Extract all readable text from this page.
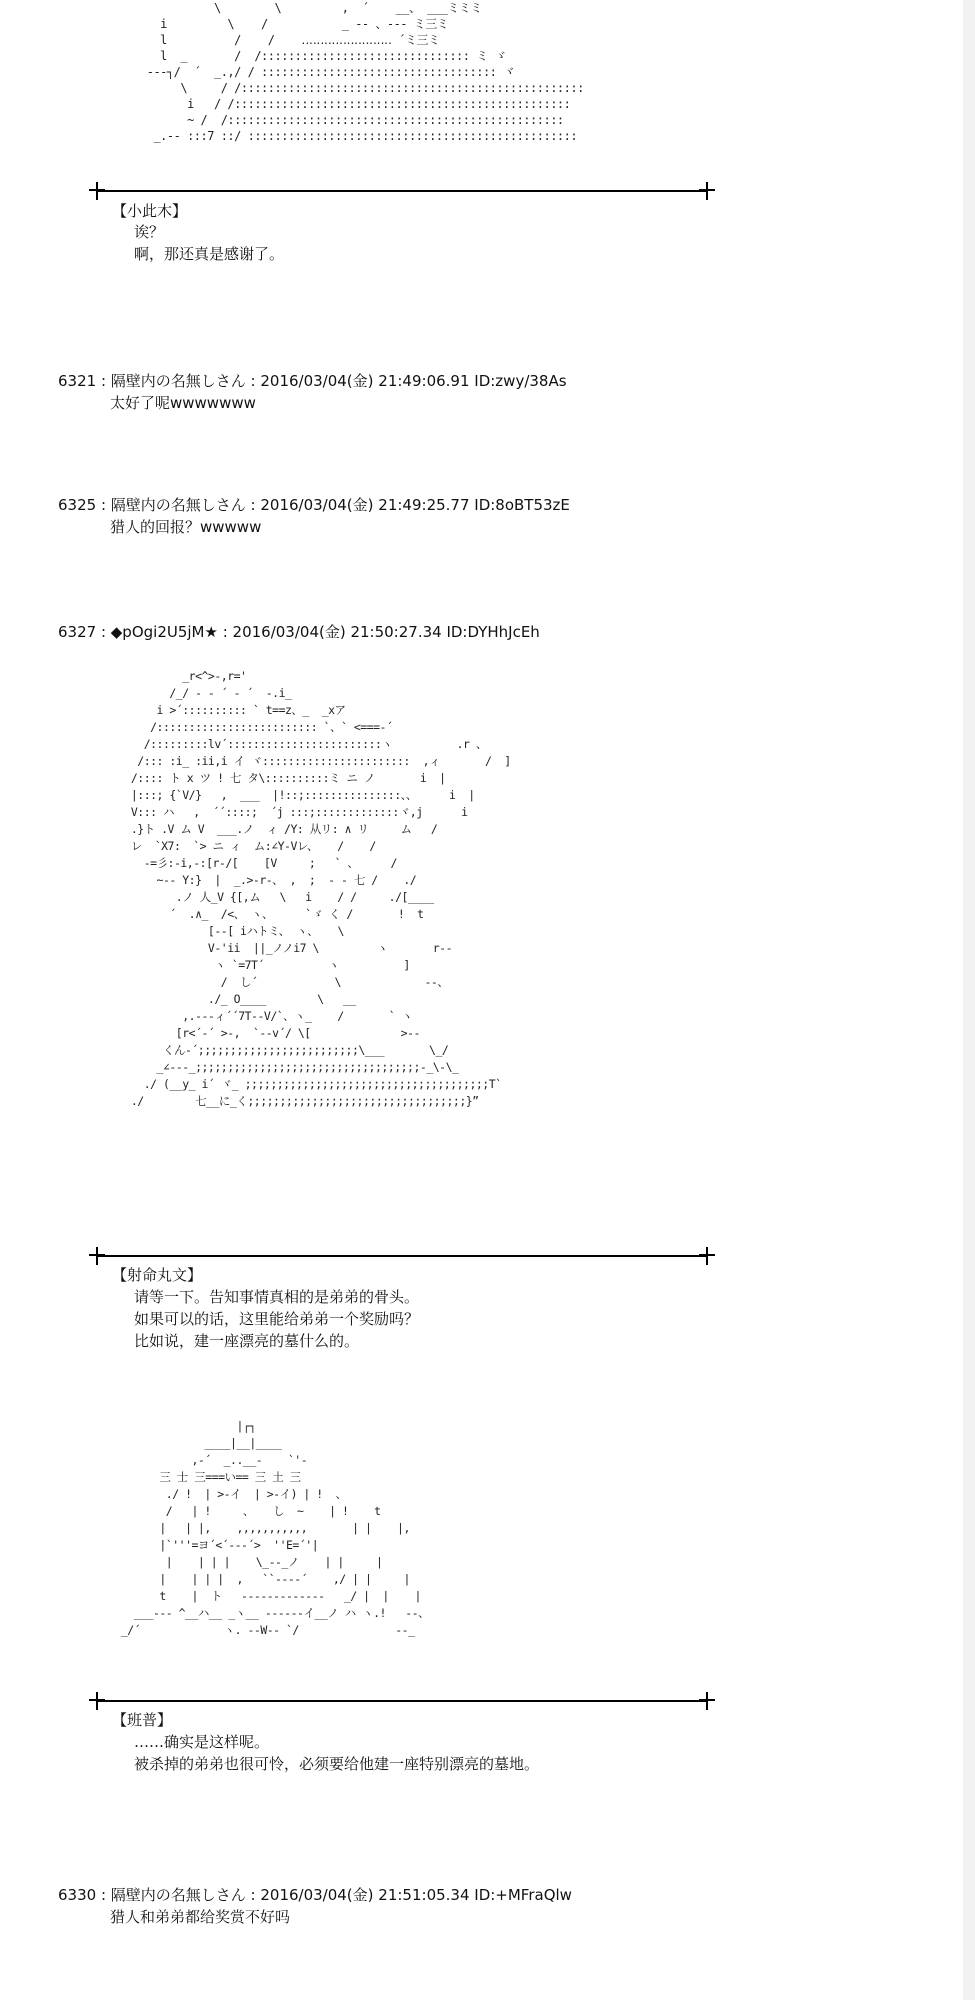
\        \         ,  ´    __、 ___ミミミ
i         \    /           _ -‐ 、‐‐‐ ミ三ミ
l          /    /    ‥‥‥‥‥‥‥‥‥‥‥‥ ´ミ三ミ
l  _       /  /::::::::::::::::::::::::::::::: ミ ゞ
‐‐‐┐/  ´  _.,/ / ::::::::::::::::::::::::::::::::::: ヾ
\     / /:::::::::::::::::::::::::::::::::::::::::::::::::::
i   / /::::::::::::::::::::::::::::::::::::::::::::::::::
~ /  /::::::::::::::::::::::::::::::::::::::::::::::::::
_.-‐ :::7 ::/ :::::::::::::::::::::::::::::::::::::::::::::::::
【小此木】
诶？
啊，那还真是感谢了。
6321 : 隔壁内の名無しさん : 2016/03/04(金) 21:49:06.91 ID:zwy/38As
太好了呢wwwwwww
6325 : 隔壁内の名無しさん : 2016/03/04(金) 21:49:25.77 ID:8oBT53zE
猎人的回报？wwwww
6327 : ◆pOgi2U5jM★ : 2016/03/04(金) 21:50:27.34 ID:DYHhJcEh
_r<^>-,r='
/_/ - - ´ ‐ ´  ‐.i_
i >´:::::::::: ` t==z、_  _xア
/::::::::::::::::::::::::: `、` <===‐´
/:::::::::lv´::::::::::::::::::::::::ヽ          .r 、
/::: :i_ :ii,i イ ヾ:::::::::::::::::::::::  ,ィ       /  ]
/:::: ト x ツ ! 七 タ\::::::::::ミ ニ ノ       i  |
|:::; {`V/}   ,  ___  |!::;:::::::::::::::、、     i  |
V::: ハ   ,  ´´::::;  ´j :::;:::::::::::::ヾ,j      i
.}ト .V ム V  ___.ノ  ィ /Y: 从リ: ∧ リ     ム   /
レ  `X7:  `> ニ ィ  ム:∠Y-Vレ、   /    /
-=彡:‐i,‐:[r-/[    [V     ;   ` 、     /
~‐‐ Y:}  |  _.>‐r‐、 ,  ;  ‐ ‐ 七 /    ./
.ノ 人_V {[,ム   \   i    / /     ./[____
´  .∧_  /<、 ヽ、     `ゞ く /       !  t
[‐‐[ iハトミ、 ヽ、   \
V‐'ii  ||_ノノi7 \         ヽ       r‐‐
ヽ `=7T´          ヽ          ]
/  し´            \             ‐‐、
./_ O____        \   __
,.‐‐‐ィ´´7T‐‐V/`、ヽ_    /       ` ヽ
[r<´‐´ >‐,  `‐‐v´/ \[              >‐‐
くん‐´;;;;;;;;;;;;;;;;;;;;;;;;;\___       \_/
_∠‐‐‐_;;;;;;;;;;;;;;;;;;;;;;;;;;;;;;;;;;;‐_\‐\_
./ (__y_ i´ ヾ_ ;;;;;;;;;;;;;;;;;;;;;;;;;;;;;;;;;;;;;;T`
./        七__に_く;;;;;;;;;;;;;;;;;;;;;;;;;;;;;;;;;;}”
【射命丸文】
请等一下。告知事情真相的是弟弟的骨头。
如果可以的话，这里能给弟弟一个奖励吗？
比如说，建一座漂亮的墓什么的。
|┌┐
____|__|____
,‐´  _..__‐    `'‐
三 士 三===い== 三 土 三
./ !  | >‐イ  | >‐イ) | !  、
/   | !     、   し  ~    | !    t
|   | |,    ,,,,,,,,,,,       | |    |,
|`'''=ヨ´<´‐‐‐´>  ''E=´'|
|    | | |    \_‐‐_ノ    | |     |
|    | | |  ,   ``‐‐‐‐´    ,/ | |     |
t    |  ト   ‐‐‐‐‐‐‐‐‐‐‐‐‐   _/ |  |    |
___‐‐‐ ^__ハ__ _ヽ__ ‐‐‐‐‐‐イ__ノ ハ ヽ.!   ‐‐、
_/´             ヽ. ‐‐W‐‐ `/               ‐‐_
【班普】
……确实是这样呢。
被杀掉的弟弟也很可怜，必须要给他建一座特别漂亮的墓地。
6330 : 隔壁内の名無しさん : 2016/03/04(金) 21:51:05.34 ID:+MFraQlw
猎人和弟弟都给奖赏不好吗
